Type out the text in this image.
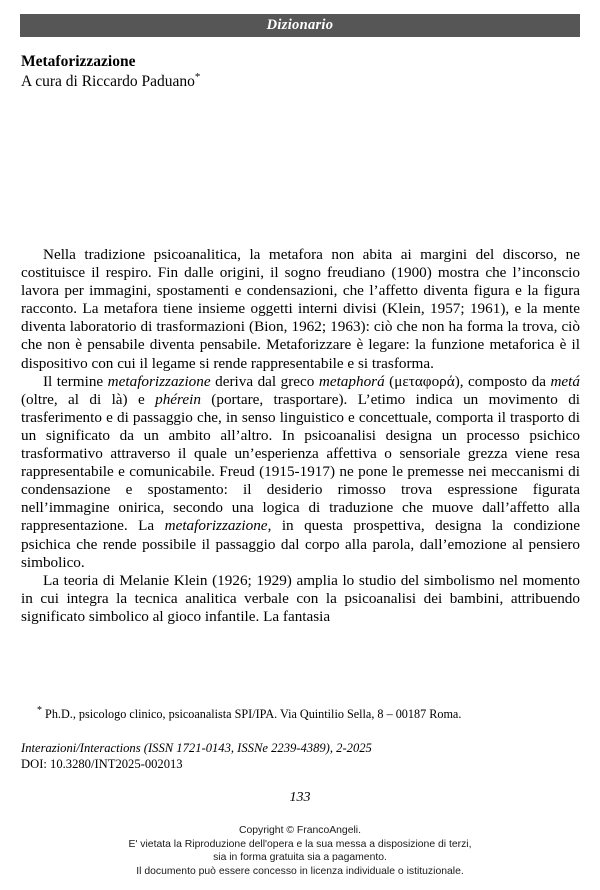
Dizionario
Metaforizzazione
A cura di Riccardo Paduano*

Nella tradizione psicoanalitica, la metafora non abita ai margini del discorso, ne costituisce il respiro. Fin dalle origini, il sogno freudiano (1900) mostra che l’inconscio lavora per immagini, spostamenti e condensazioni, che l’affetto diventa figura e la figura racconto. La metafora tiene insieme oggetti interni divisi (Klein, 1957; 1961), e la mente diventa laboratorio di trasformazioni (Bion, 1962; 1963): ciò che non ha forma la trova, ciò che non è pensabile diventa pensabile. Metaforizzare è legare: la funzione metaforica è il dispositivo con cui il legame si rende rappresentabile e si trasforma.

Il termine metaforizzazione deriva dal greco metaphorá (μεταφορά), composto da metá (oltre, al di là) e phérein (portare, trasportare). L’etimo indica un movimento di trasferimento e di passaggio che, in senso linguistico e concettuale, comporta il trasporto di un significato da un ambito all’altro. In psicoanalisi designa un processo psichico trasformativo attraverso il quale un’esperienza affettiva o sensoriale grezza viene resa rappresentabile e comunicabile. Freud (1915-1917) ne pone le premesse nei meccanismi di condensazione e spostamento: il desiderio rimosso trova espressione figurata nell’immagine onirica, secondo una logica di traduzione che muove dall’affetto alla rappresentazione. La metaforizzazione, in questa prospettiva, designa la condizione psichica che rende possibile il passaggio dal corpo alla parola, dall’emozione al pensiero simbolico.

La teoria di Melanie Klein (1926; 1929) amplia lo studio del simbolismo nel momento in cui integra la tecnica analitica verbale con la psicoanalisi dei bambini, attribuendo significato simbolico al gioco infantile. La fantasia

* Ph.D., psicologo clinico, psicoanalista SPI/IPA. Via Quintilio Sella, 8 – 00187 Roma.
Interazioni/Interactions (ISSN 1721-0143, ISSNe 2239-4389), 2-2025
DOI: 10.3280/INT2025-002013
133
Copyright © FrancoAngeli.
E' vietata la Riproduzione dell'opera e la sua messa a disposizione di terzi,
sia in forma gratuita sia a pagamento.
Il documento può essere concesso in licenza individuale o istituzionale.
